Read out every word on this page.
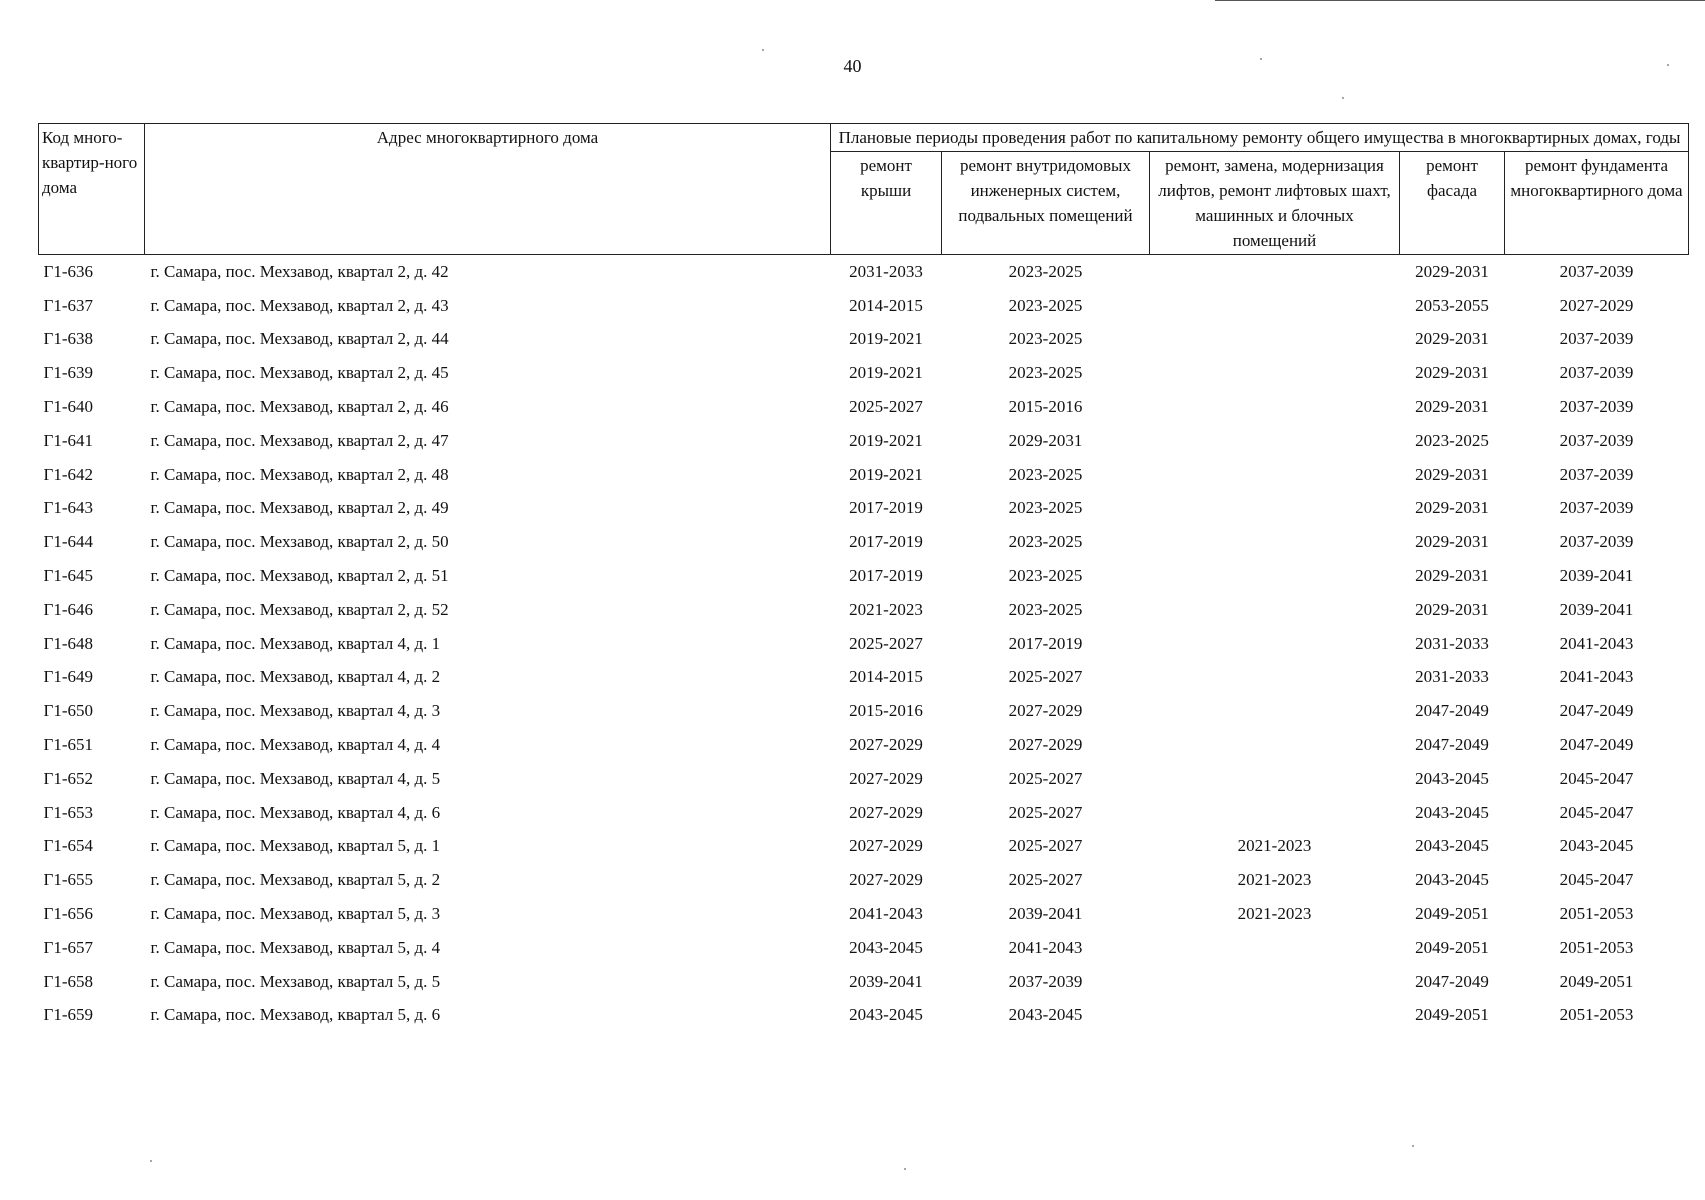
40
Код много-квартир-ного дома	Адрес многоквартирного дома	Плановые периоды проведения работ по капитальному ремонту общего имущества в многоквартирных домах, годы				
		ремонт крыши	ремонт внутридомовых инженерных систем, подвальных помещений	ремонт, замена, модернизация лифтов, ремонт лифтовых шахт, машинных и блочных помещений	ремонт фасада	ремонт фундамента многоквартирного дома
Г1-636	г. Самара, пос. Мехзавод, квартал 2, д. 42	2031-2033	2023-2025		2029-2031	2037-2039
Г1-637	г. Самара, пос. Мехзавод, квартал 2, д. 43	2014-2015	2023-2025		2053-2055	2027-2029
Г1-638	г. Самара, пос. Мехзавод, квартал 2, д. 44	2019-2021	2023-2025		2029-2031	2037-2039
Г1-639	г. Самара, пос. Мехзавод, квартал 2, д. 45	2019-2021	2023-2025		2029-2031	2037-2039
Г1-640	г. Самара, пос. Мехзавод, квартал 2, д. 46	2025-2027	2015-2016		2029-2031	2037-2039
Г1-641	г. Самара, пос. Мехзавод, квартал 2, д. 47	2019-2021	2029-2031		2023-2025	2037-2039
Г1-642	г. Самара, пос. Мехзавод, квартал 2, д. 48	2019-2021	2023-2025		2029-2031	2037-2039
Г1-643	г. Самара, пос. Мехзавод, квартал 2, д. 49	2017-2019	2023-2025		2029-2031	2037-2039
Г1-644	г. Самара, пос. Мехзавод, квартал 2, д. 50	2017-2019	2023-2025		2029-2031	2037-2039
Г1-645	г. Самара, пос. Мехзавод, квартал 2, д. 51	2017-2019	2023-2025		2029-2031	2039-2041
Г1-646	г. Самара, пос. Мехзавод, квартал 2, д. 52	2021-2023	2023-2025		2029-2031	2039-2041
Г1-648	г. Самара, пос. Мехзавод, квартал 4, д. 1	2025-2027	2017-2019		2031-2033	2041-2043
Г1-649	г. Самара, пос. Мехзавод, квартал 4, д. 2	2014-2015	2025-2027		2031-2033	2041-2043
Г1-650	г. Самара, пос. Мехзавод, квартал 4, д. 3	2015-2016	2027-2029		2047-2049	2047-2049
Г1-651	г. Самара, пос. Мехзавод, квартал 4, д. 4	2027-2029	2027-2029		2047-2049	2047-2049
Г1-652	г. Самара, пос. Мехзавод, квартал 4, д. 5	2027-2029	2025-2027		2043-2045	2045-2047
Г1-653	г. Самара, пос. Мехзавод, квартал 4, д. 6	2027-2029	2025-2027		2043-2045	2045-2047
Г1-654	г. Самара, пос. Мехзавод, квартал 5, д. 1	2027-2029	2025-2027	2021-2023	2043-2045	2043-2045
Г1-655	г. Самара, пос. Мехзавод, квартал 5, д. 2	2027-2029	2025-2027	2021-2023	2043-2045	2045-2047
Г1-656	г. Самара, пос. Мехзавод, квартал 5, д. 3	2041-2043	2039-2041	2021-2023	2049-2051	2051-2053
Г1-657	г. Самара, пос. Мехзавод, квартал 5, д. 4	2043-2045	2041-2043		2049-2051	2051-2053
Г1-658	г. Самара, пос. Мехзавод, квартал 5, д. 5	2039-2041	2037-2039		2047-2049	2049-2051
Г1-659	г. Самара, пос. Мехзавод, квартал 5, д. 6	2043-2045	2043-2045		2049-2051	2051-2053
